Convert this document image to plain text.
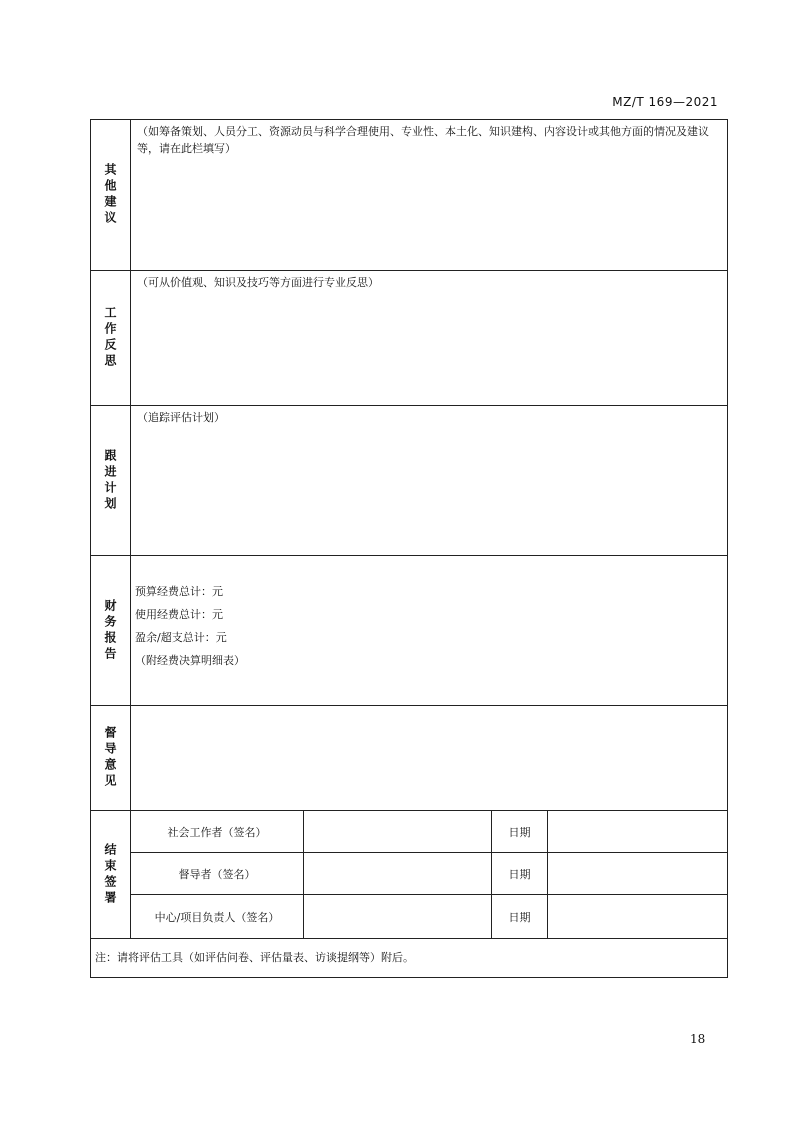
MZ/T 169—2021
其他建议
（如筹备策划、人员分工、资源动员与科学合理使用、专业性、本土化、知识建构、内容设计或其他方面的情况及建议等，请在此栏填写）
工作反思
（可从价值观、知识及技巧等方面进行专业反思）
跟进计划
（追踪评估计划）
财务报告
预算经费总计：元
使用经费总计：元
盈余/超支总计：元
（附经费决算明细表）
督导意见
结束签署
社会工作者（签名）	日期
督导者（签名）	日期
中心/项目负责人（签名）	日期
注：请将评估工具（如评估问卷、评估量表、访谈提纲等）附后。
18
